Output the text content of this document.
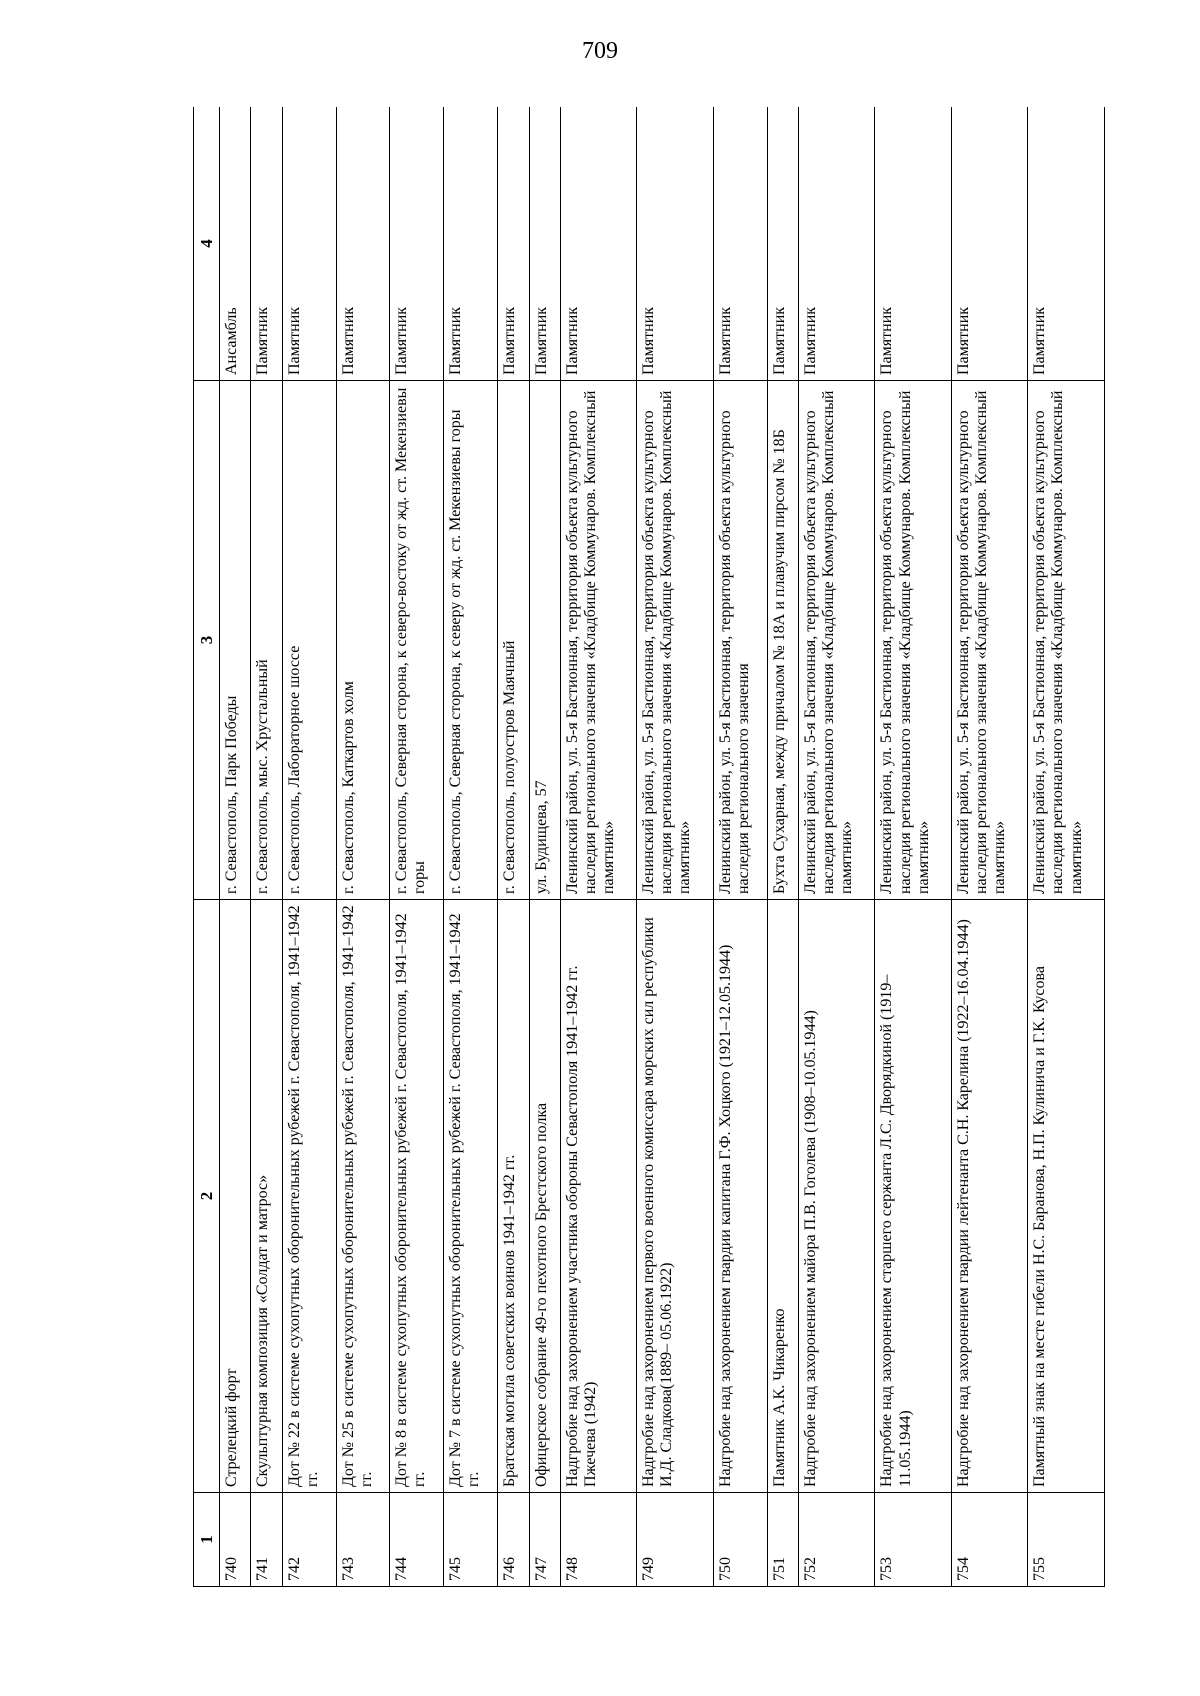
709
1	2	3	4
740	Стрелецкий форт	г. Севастополь, Парк Победы	Ансамбль
741	Скульптурная композиция «Солдат и матрос»	г. Севастополь, мыс. Хрустальный	Памятник
742	Дот № 22 в системе сухопутных оборонительных рубежей г. Севастополя, 1941–1942 гг.	г. Севастополь, Лабораторное шоссе	Памятник
743	Дот № 25 в системе сухопутных оборонительных рубежей г. Севастополя, 1941–1942 гг.	г. Севастополь, Каткартов холм	Памятник
744	Дот № 8 в системе сухопутных оборонительных рубежей г. Севастополя, 1941–1942 гг.	г. Севастополь, Северная сторона, к северо-востоку от жд. ст. Мекензиевы горы	Памятник
745	Дот № 7 в системе сухопутных оборонительных рубежей г. Севастополя, 1941–1942 гг.	г. Севастополь, Северная сторона, к северу от жд. ст. Мекензиевы горы	Памятник
746	Братская могила советских воинов 1941–1942 гг.	г. Севастополь, полуостров Маячный	Памятник
747	Офицерское собрание 49-го пехотного Брестского полка	ул. Будищева, 57	Памятник
748	Надгробие над захоронением участника обороны Севастополя 1941–1942 гг. Пжечева (1942)	Ленинский район, ул. 5-я Бастионная, территория объекта культурного наследия регионального значения «Кладбище Коммунаров. Комплексный памятник»	Памятник
749	Надгробие над захоронением первого военного комиссара морских сил республики И.Д. Сладкова(1889– 05.06.1922)	Ленинский район, ул. 5-я Бастионная, территория объекта культурного наследия регионального значения «Кладбище Коммунаров. Комплексный памятник»	Памятник
750	Надгробие над захоронением гвардии капитана Г.Ф. Хоцкого (1921–12.05.1944)	Ленинский район, ул. 5-я Бастионная, территория объекта культурного наследия регионального значения	Памятник
751	Памятник А.К. Чикаренко	Бухта Сухарная, между причалом № 18А и плавучим пирсом № 18Б	Памятник
752	Надгробие над захоронением майора П.В. Гоголева (1908–10.05.1944)	Ленинский район, ул. 5-я Бастионная, территория объекта культурного наследия регионального значения «Кладбище Коммунаров. Комплексный памятник»	Памятник
753	Надгробие над захоронением старшего сержанта Л.С. Дворядкиной (1919–11.05.1944)	Ленинский район, ул. 5-я Бастионная, территория объекта культурного наследия регионального значения «Кладбище Коммунаров. Комплексный памятник»	Памятник
754	Надгробие над захоронением гвардии лейтенанта С.Н. Карелина (1922–16.04.1944)	Ленинский район, ул. 5-я Бастионная, территория объекта культурного наследия регионального значения «Кладбище Коммунаров. Комплексный памятник»	Памятник
755	Памятный знак на месте гибели Н.С. Баранова, Н.П. Кулинича и Г.К. Кусова	Ленинский район, ул. 5-я Бастионная, территория объекта культурного наследия регионального значения «Кладбище Коммунаров. Комплексный памятник»	Памятник
